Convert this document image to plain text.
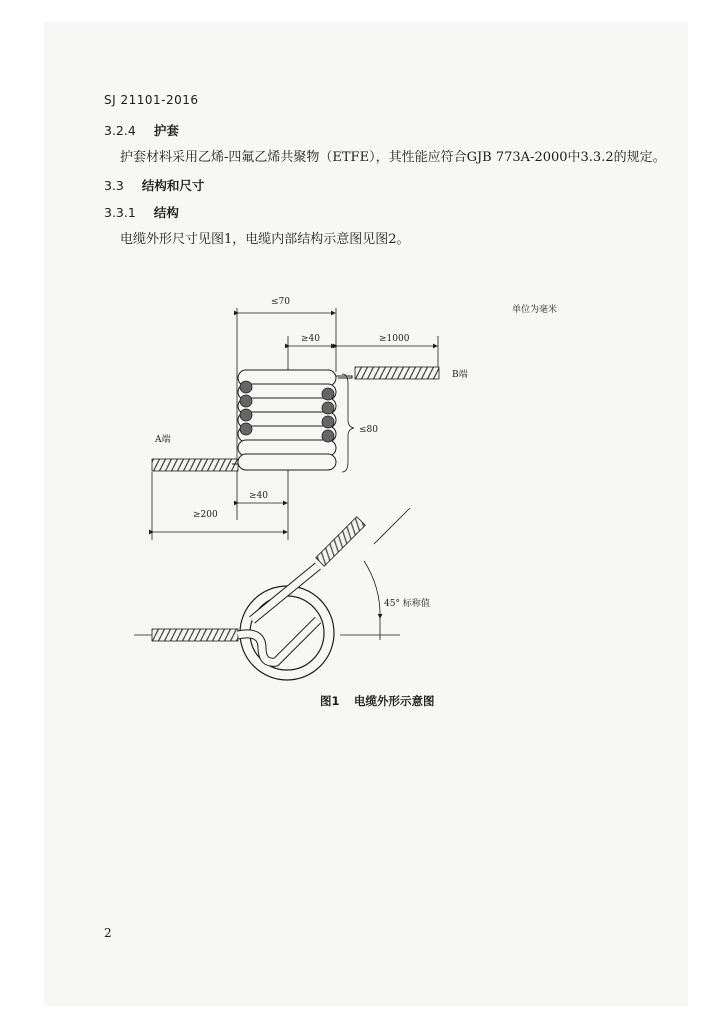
SJ 21101-2016
3.2.4 护套
护套材料采用乙烯-四氟乙烯共聚物（ETFE），其性能应符合GJB 773A-2000中3.3.2的规定。
3.3 结构和尺寸
3.3.1 结构
电缆外形尺寸见图1，电缆内部结构示意图见图2。
≤70
≥40	≥1000
B端
A端
≤80
≥40
≥200
45° 标称值
单位为毫米
图1 电缆外形示意图
2
